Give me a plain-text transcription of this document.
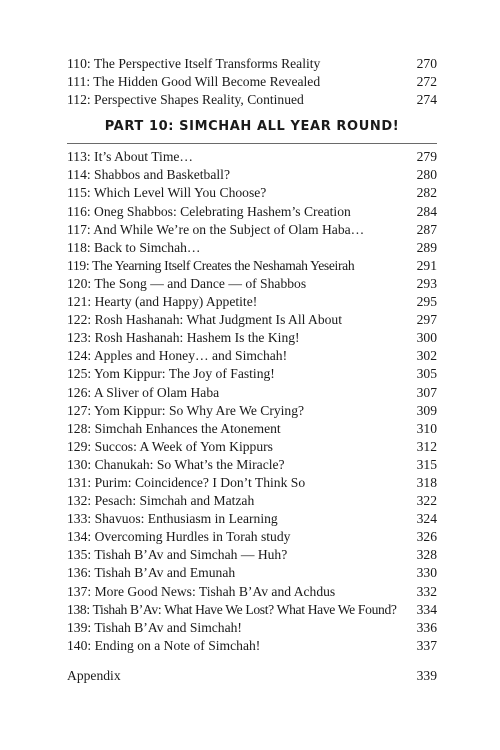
110: The Perspective Itself Transforms Reality	270
111: The Hidden Good Will Become Revealed	272
112: Perspective Shapes Reality, Continued	274
PART 10: SIMCHAH ALL YEAR ROUND!
113: It’s About Time…	279
114: Shabbos and Basketball?	280
115: Which Level Will You Choose?	282
116: Oneg Shabbos: Celebrating Hashem’s Creation	284
117: And While We’re on the Subject of Olam Haba…	287
118: Back to Simchah…	289
119: The Yearning Itself Creates the Neshamah Yeseirah	291
120: The Song — and Dance — of Shabbos	293
121: Hearty (and Happy) Appetite!	295
122: Rosh Hashanah: What Judgment Is All About	297
123: Rosh Hashanah: Hashem Is the King!	300
124: Apples and Honey… and Simchah!	302
125: Yom Kippur: The Joy of Fasting!	305
126: A Sliver of Olam Haba	307
127: Yom Kippur: So Why Are We Crying?	309
128: Simchah Enhances the Atonement	310
129: Succos: A Week of Yom Kippurs	312
130: Chanukah: So What’s the Miracle?	315
131: Purim: Coincidence? I Don’t Think So	318
132: Pesach: Simchah and Matzah	322
133: Shavuos: Enthusiasm in Learning	324
134: Overcoming Hurdles in Torah study	326
135: Tishah B’Av and Simchah — Huh?	328
136: Tishah B’Av and Emunah	330
137: More Good News: Tishah B’Av and Achdus	332
138: Tishah B’Av: What Have We Lost? What Have We Found?	334
139: Tishah B’Av and Simchah!	336
140: Ending on a Note of Simchah!	337
Appendix	339
